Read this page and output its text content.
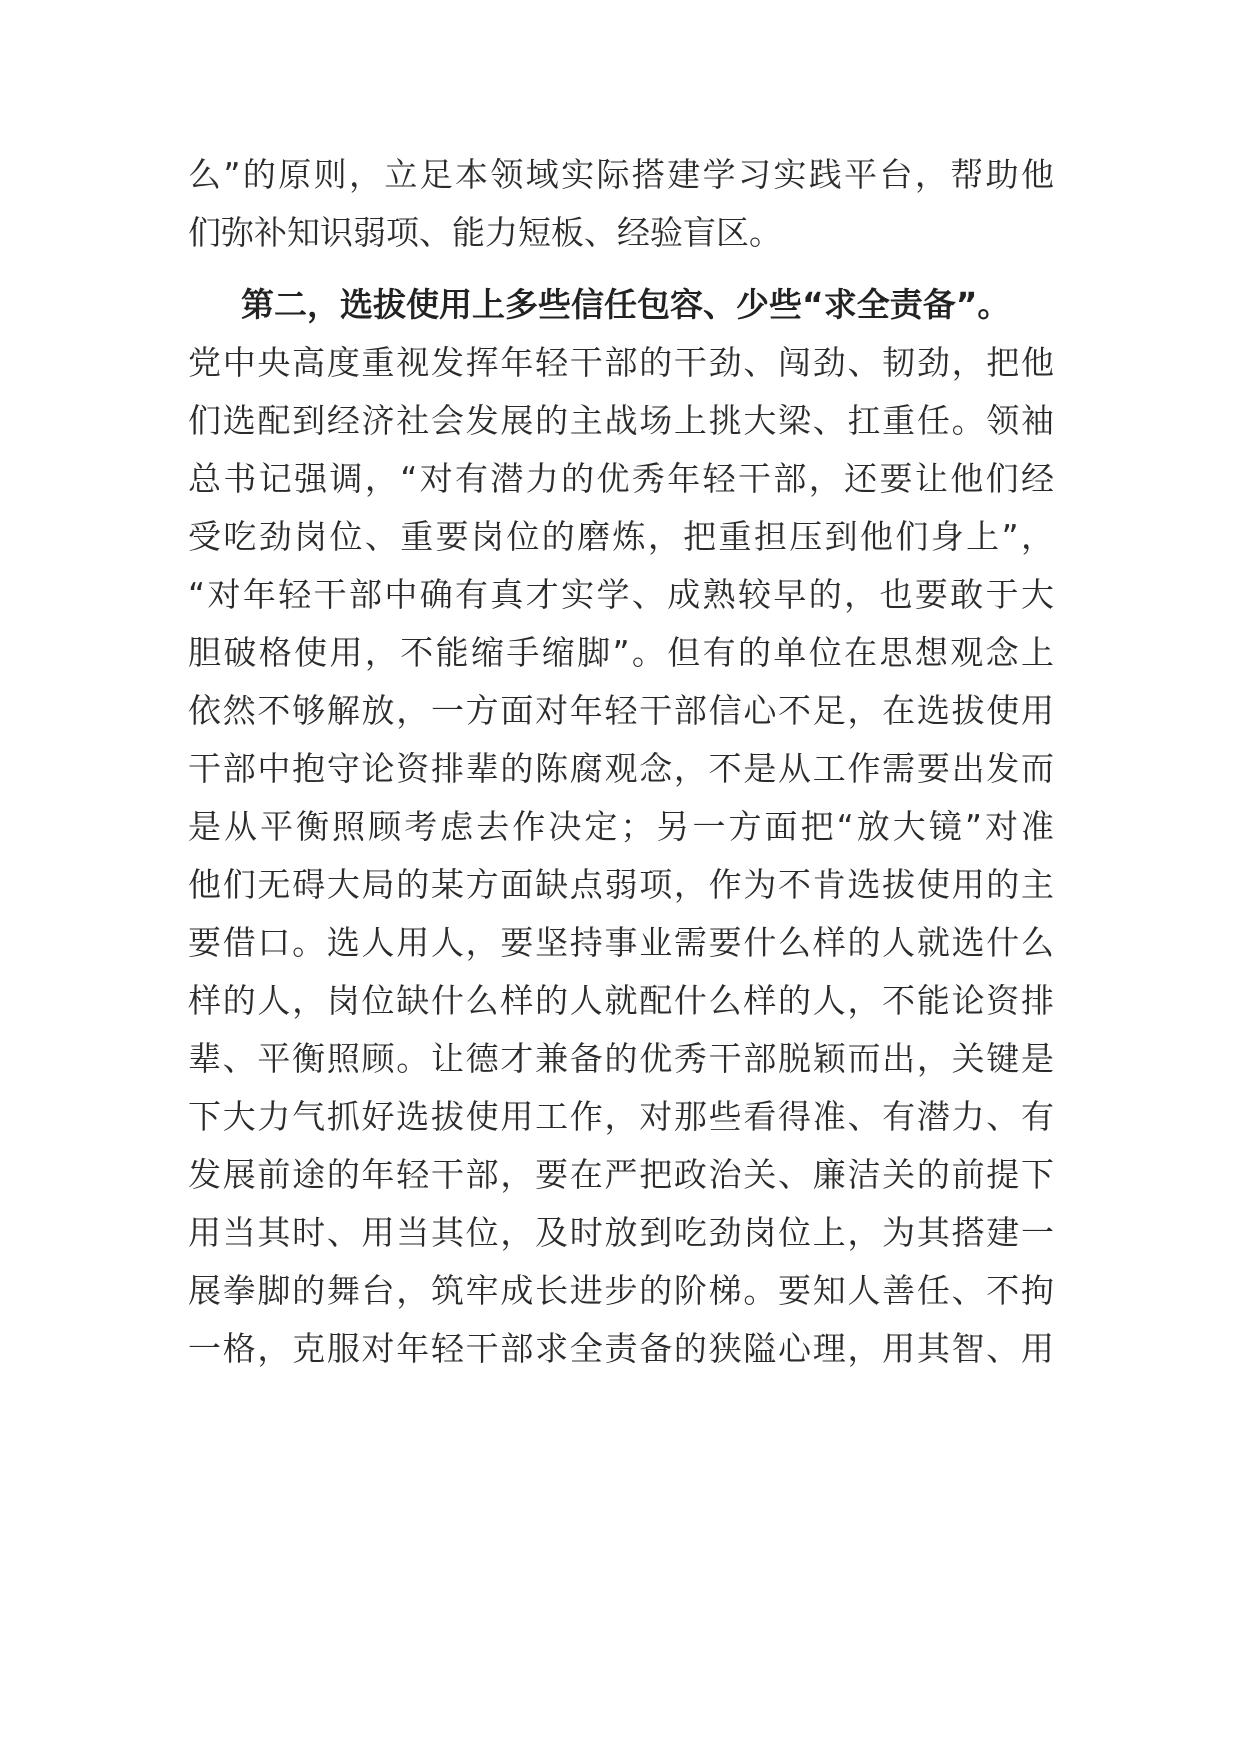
么”的原则，立足本领域实际搭建学习实践平台，帮助他
们弥补知识弱项、能力短板、经验盲区。
第二，选拔使用上多些信任包容、少些“求全责备”。
党中央高度重视发挥年轻干部的干劲、闯劲、韧劲，把他
们选配到经济社会发展的主战场上挑大梁、扛重任。领袖
总书记强调，“对有潜力的优秀年轻干部，还要让他们经
受吃劲岗位、重要岗位的磨炼，把重担压到他们身上”，
“对年轻干部中确有真才实学、成熟较早的，也要敢于大
胆破格使用，不能缩手缩脚”。但有的单位在思想观念上
依然不够解放，一方面对年轻干部信心不足，在选拔使用
干部中抱守论资排辈的陈腐观念，不是从工作需要出发而
是从平衡照顾考虑去作决定；另一方面把“放大镜”对准
他们无碍大局的某方面缺点弱项，作为不肯选拔使用的主
要借口。选人用人，要坚持事业需要什么样的人就选什么
样的人，岗位缺什么样的人就配什么样的人，不能论资排
辈、平衡照顾。让德才兼备的优秀干部脱颖而出，关键是
下大力气抓好选拔使用工作，对那些看得准、有潜力、有
发展前途的年轻干部，要在严把政治关、廉洁关的前提下
用当其时、用当其位，及时放到吃劲岗位上，为其搭建一
展拳脚的舞台，筑牢成长进步的阶梯。要知人善任、不拘
一格，克服对年轻干部求全责备的狭隘心理，用其智、用
